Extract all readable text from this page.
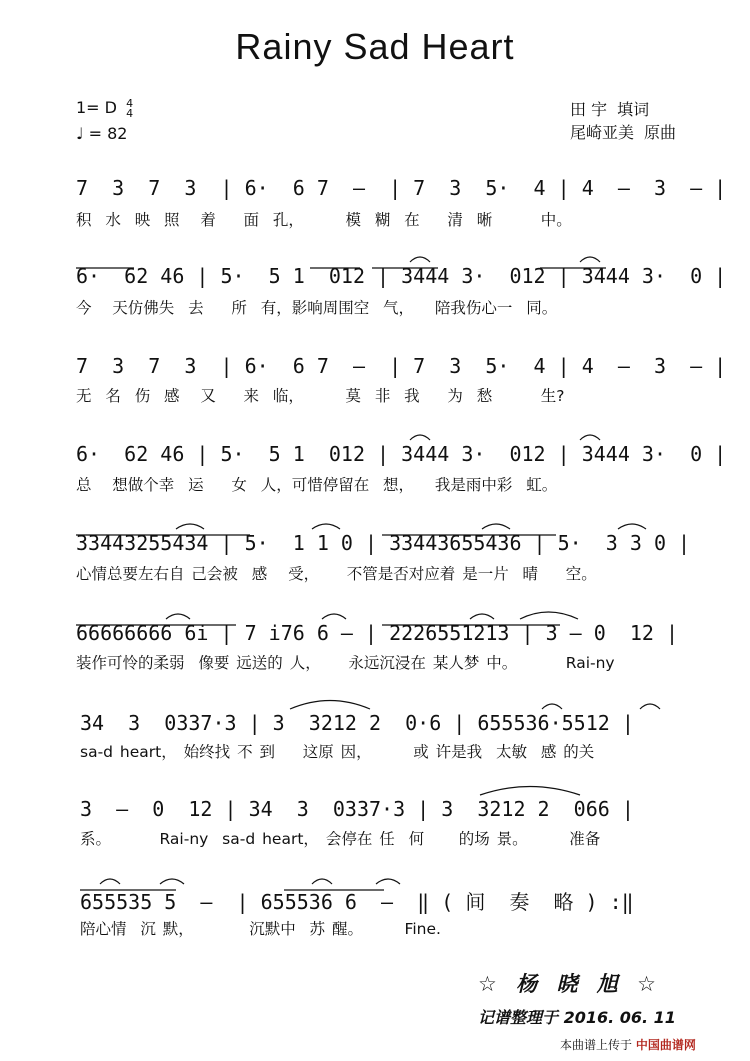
Rainy Sad Heart
1= D 4
4
♩ = 82
田 宇 填词
尾崎亚美 原曲
7  3  7  3  | 6·  6 7  –  | 7  3  5·  4 | 4  –  3  – |
积  水  映  照   着    面  孔，      模  糊  在    清  晰       中。
6·  62 46 | 5·  5 1  012 | 3444 3·  012 | 3444 3·  0 |
今   天仿佛失  去    所  有，影响周围空  气，   陪我伤心一  同。
7  3  7  3  | 6·  6 7  –  | 7  3  5·  4 | 4  –  3  – |
无  名  伤  感   又    来  临，      莫  非  我    为  愁       生?
6·  62 46 | 5·  5 1  012 | 3444 3·  012 | 3444 3·  0 |
总   想做个幸  运    女  人，可惜停留在  想，   我是雨中彩  虹。
33443255434 | 5·  1 1 0 | 33443655436 | 5·  3 3 0 |
心情总要左右自 己会被  感   受，    不管是否对应着 是一片  晴    空。
66666666 6i | 7 i76 6 – | 2226551213 | 3 – 0  12 |
装作可怜的柔弱  像要 远送的 人，    永远沉浸在 某人梦 中。       Rai-ny
34  3  0337·3 | 3  3212 2  0·6 | 655536·5512 |
sa-d heart， 始终找 不 到    这原 因，      或 许是我  太敏  感 的关
3  –  0  12 | 34  3  0337·3 | 3  3212 2  066 |
系。       Rai-ny  sa-d heart， 会停在 任  何     的场 景。      准备
655535 5  –  | 655536 6  –  ‖ ( 间  奏  略 ) :‖
陪心情  沉 默，        沉默中  苏 醒。      Fine.
☆ 杨 晓 旭 ☆
记谱整理于 2016. 06. 11
本曲谱上传于 中国曲谱网
